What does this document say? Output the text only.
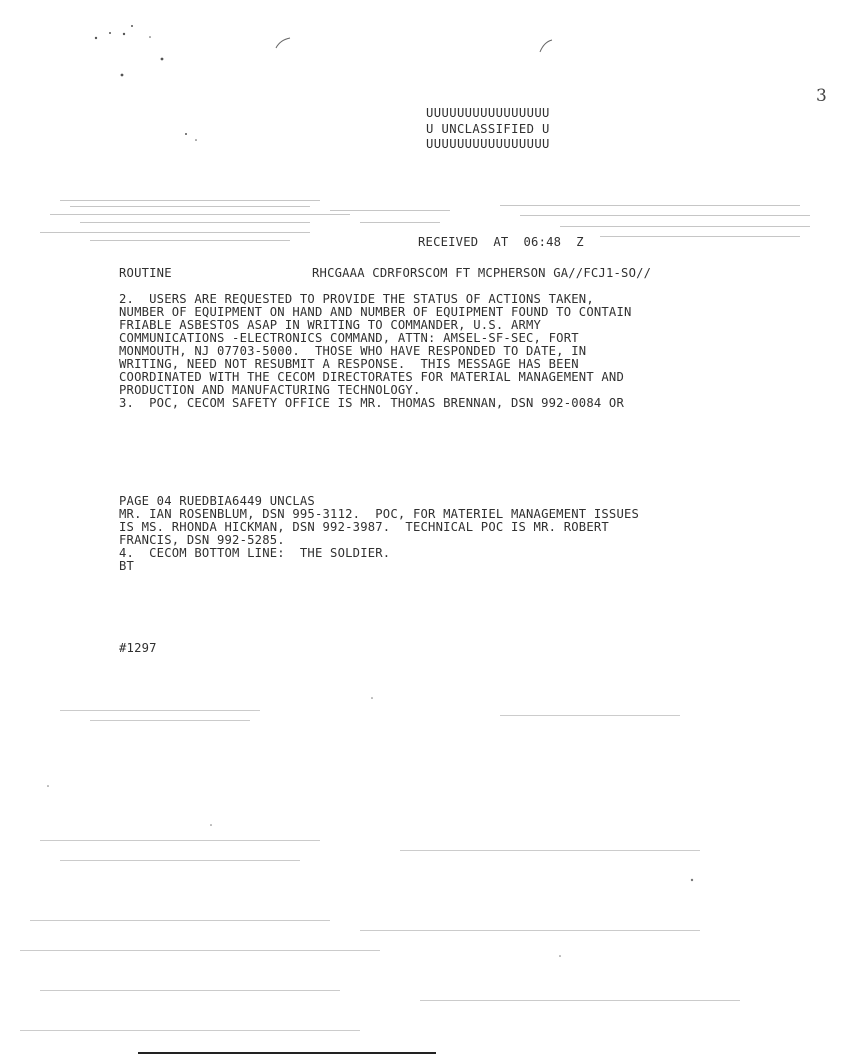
3
UUUUUUUUUUUUUUUU
U UNCLASSIFIED U
UUUUUUUUUUUUUUUU
RECEIVED  AT  06:48  Z
ROUTINE	RHCGAAA CDRFORSCOM FT MCPHERSON GA//FCJ1-SO//
2.  USERS ARE REQUESTED TO PROVIDE THE STATUS OF ACTIONS TAKEN,
NUMBER OF EQUIPMENT ON HAND AND NUMBER OF EQUIPMENT FOUND TO CONTAIN
FRIABLE ASBESTOS ASAP IN WRITING TO COMMANDER, U.S. ARMY
COMMUNICATIONS -ELECTRONICS COMMAND, ATTN: AMSEL-SF-SEC, FORT
MONMOUTH, NJ 07703-5000.  THOSE WHO HAVE RESPONDED TO DATE, IN
WRITING, NEED NOT RESUBMIT A RESPONSE.  THIS MESSAGE HAS BEEN
COORDINATED WITH THE CECOM DIRECTORATES FOR MATERIAL MANAGEMENT AND
PRODUCTION AND MANUFACTURING TECHNOLOGY.
3.  POC, CECOM SAFETY OFFICE IS MR. THOMAS BRENNAN, DSN 992-0084 OR
PAGE 04 RUEDBIA6449 UNCLAS
MR. IAN ROSENBLUM, DSN 995-3112.  POC, FOR MATERIEL MANAGEMENT ISSUES
IS MS. RHONDA HICKMAN, DSN 992-3987.  TECHNICAL POC IS MR. ROBERT
FRANCIS, DSN 992-5285.
4.  CECOM BOTTOM LINE:  THE SOLDIER.
BT
#1297
